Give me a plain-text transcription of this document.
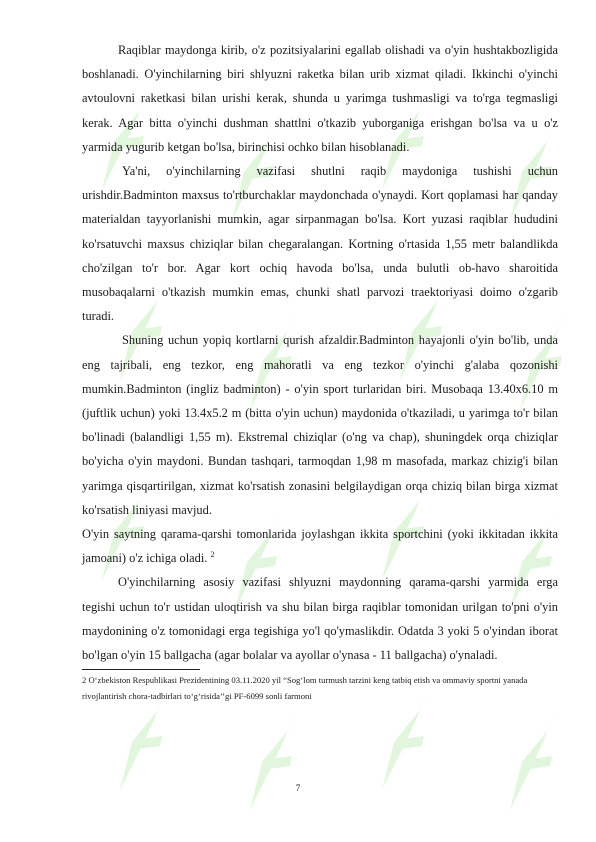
Raqiblar maydonga kirib, o'z pozitsiyalarini egallab olishadi va o'yin hushtakbozligida boshlanadi. O'yinchilarning biri shlyuzni raketka bilan urib xizmat qiladi. Ikkinchi o'yinchi avtoulovni raketkasi bilan urishi kerak, shunda u yarimga tushmasligi va to'rga tegmasligi kerak. Agar bitta o'yinchi dushman shattlni o'tkazib yuborganiga erishgan bo'lsa va u o'z yarmida yugurib ketgan bo'lsa, birinchisi ochko bilan hisoblanadi.

Ya'ni, o'yinchilarning vazifasi shutlni raqib maydoniga tushishi uchun urishdir.Badminton maxsus to'rtburchaklar maydonchada o'ynaydi. Kort qoplamasi har qanday materialdan tayyorlanishi mumkin, agar sirpanmagan bo'lsa. Kort yuzasi raqiblar hududini ko'rsatuvchi maxsus chiziqlar bilan chegaralangan. Kortning o'rtasida 1,55 metr balandlikda cho'zilgan to'r bor. Agar kort ochiq havoda bo'lsa, unda bulutli ob-havo sharoitida musobaqalarni o'tkazish mumkin emas, chunki shatl parvozi traektoriyasi doimo o'zgarib turadi.

Shuning uchun yopiq kortlarni qurish afzaldir.Badminton hayajonli o'yin bo'lib, unda eng tajribali, eng tezkor, eng mahoratli va eng tezkor o'yinchi g'alaba qozonishi mumkin.Badminton (ingliz badminton) - o'yin sport turlaridan biri. Musobaqa 13.40x6.10 m (juftlik uchun) yoki 13.4x5.2 m (bitta o'yin uchun) maydonida o'tkaziladi, u yarimga to'r bilan bo'linadi (balandligi 1,55 m). Ekstremal chiziqlar (o'ng va chap), shuningdek orqa chiziqlar bo'yicha o'yin maydoni. Bundan tashqari, tarmoqdan 1,98 m masofada, markaz chizig'i bilan yarimga qisqartirilgan, xizmat ko'rsatish zonasini belgilaydigan orqa chiziq bilan birga xizmat ko'rsatish liniyasi mavjud.

O'yin saytning qarama-qarshi tomonlarida joylashgan ikkita sportchini (yoki ikkitadan ikkita jamoani) o'z ichiga oladi. $^2$

O'yinchilarning asosiy vazifasi shlyuzni maydonning qarama-qarshi yarmida erga tegishi uchun to'r ustidan uloqtirish va shu bilan birga raqiblar tomonidan urilgan to'pni o'yin maydonining o'z tomonidagi erga tegishiga yo'l qo'ymaslikdir. Odatda 3 yoki 5 o'yindan iborat bo'lgan o'yin 15 ballgacha (agar bolalar va ayollar o'ynasa - 11 ballgacha) o'ynaladi.

2 O‘zbekiston Respublikasi Prezidentining 03.11.2020 yil “Sog‘lom turmush tarzini keng tatbiq etish va ommaviy sportni yanada rivojlantirish chora-tadbirlari to‘g‘risida’’gi PF-6099 sonli farmoni

7
